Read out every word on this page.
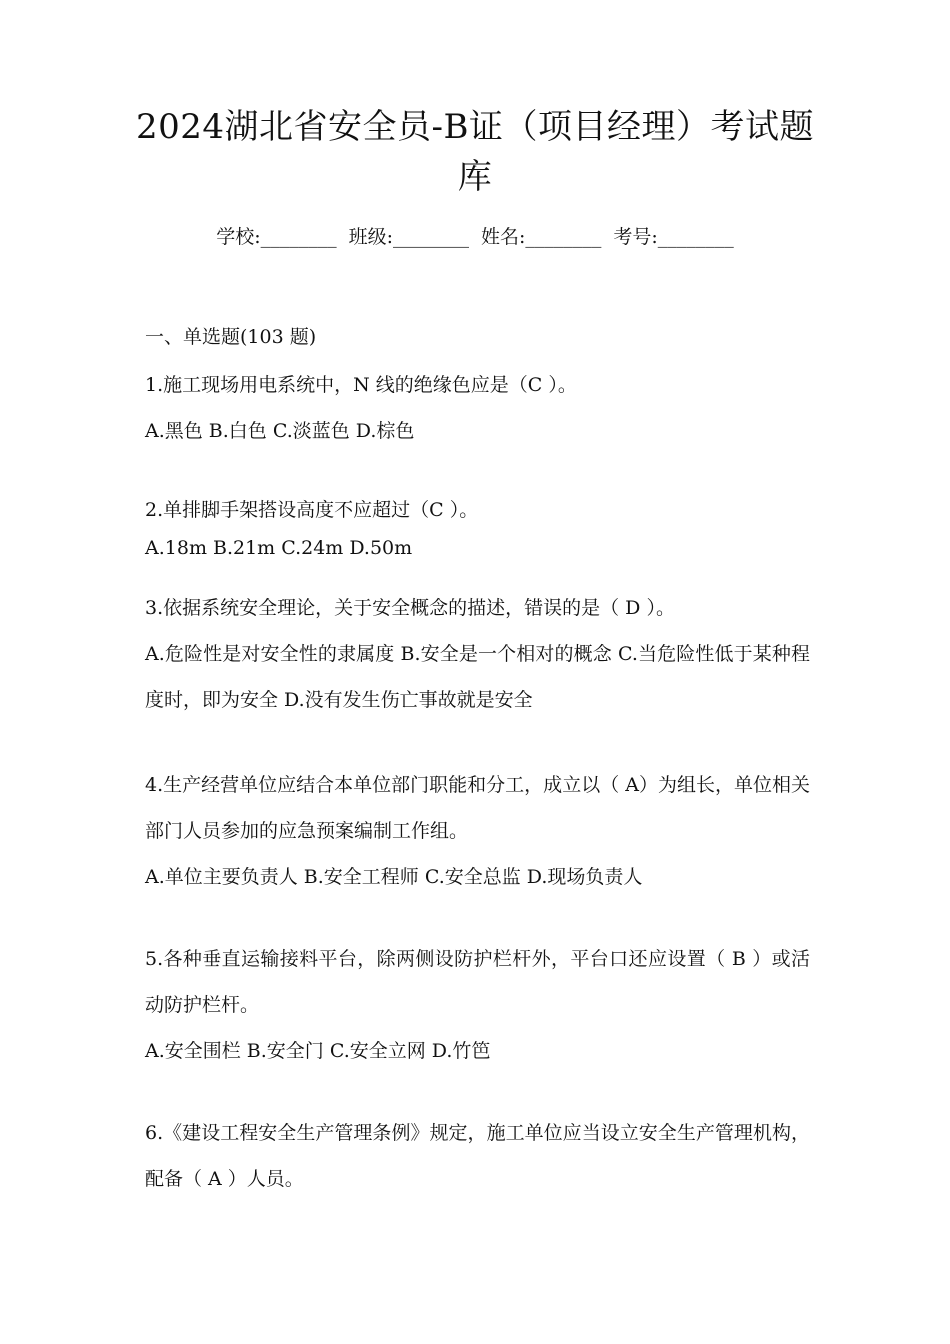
2024湖北省安全员-B证（项目经理）考试题库
学校:________ 班级:________ 姓名:________ 考号:________
一、单选题(103 题)
1.施工现场用电系统中，N 线的绝缘色应是（C ）。
A.黑色 B.白色 C.淡蓝色 D.棕色
2.单排脚手架搭设高度不应超过（C ）。
A.18m B.21m C.24m D.50m
3.依据系统安全理论，关于安全概念的描述，错误的是（ D ）。
A.危险性是对安全性的隶属度 B.安全是一个相对的概念 C.当危险性低于某种程度时，即为安全 D.没有发生伤亡事故就是安全
4.生产经营单位应结合本单位部门职能和分工，成立以（ A）为组长，单位相关部门人员参加的应急预案编制工作组。
A.单位主要负责人 B.安全工程师 C.安全总监 D.现场负责人
5.各种垂直运输接料平台，除两侧设防护栏杆外，平台口还应设置（ B ）或活动防护栏杆。
A.安全围栏 B.安全门 C.安全立网 D.竹笆
6.《建设工程安全生产管理条例》规定，施工单位应当设立安全生产管理机构，配备（ A ）人员。
